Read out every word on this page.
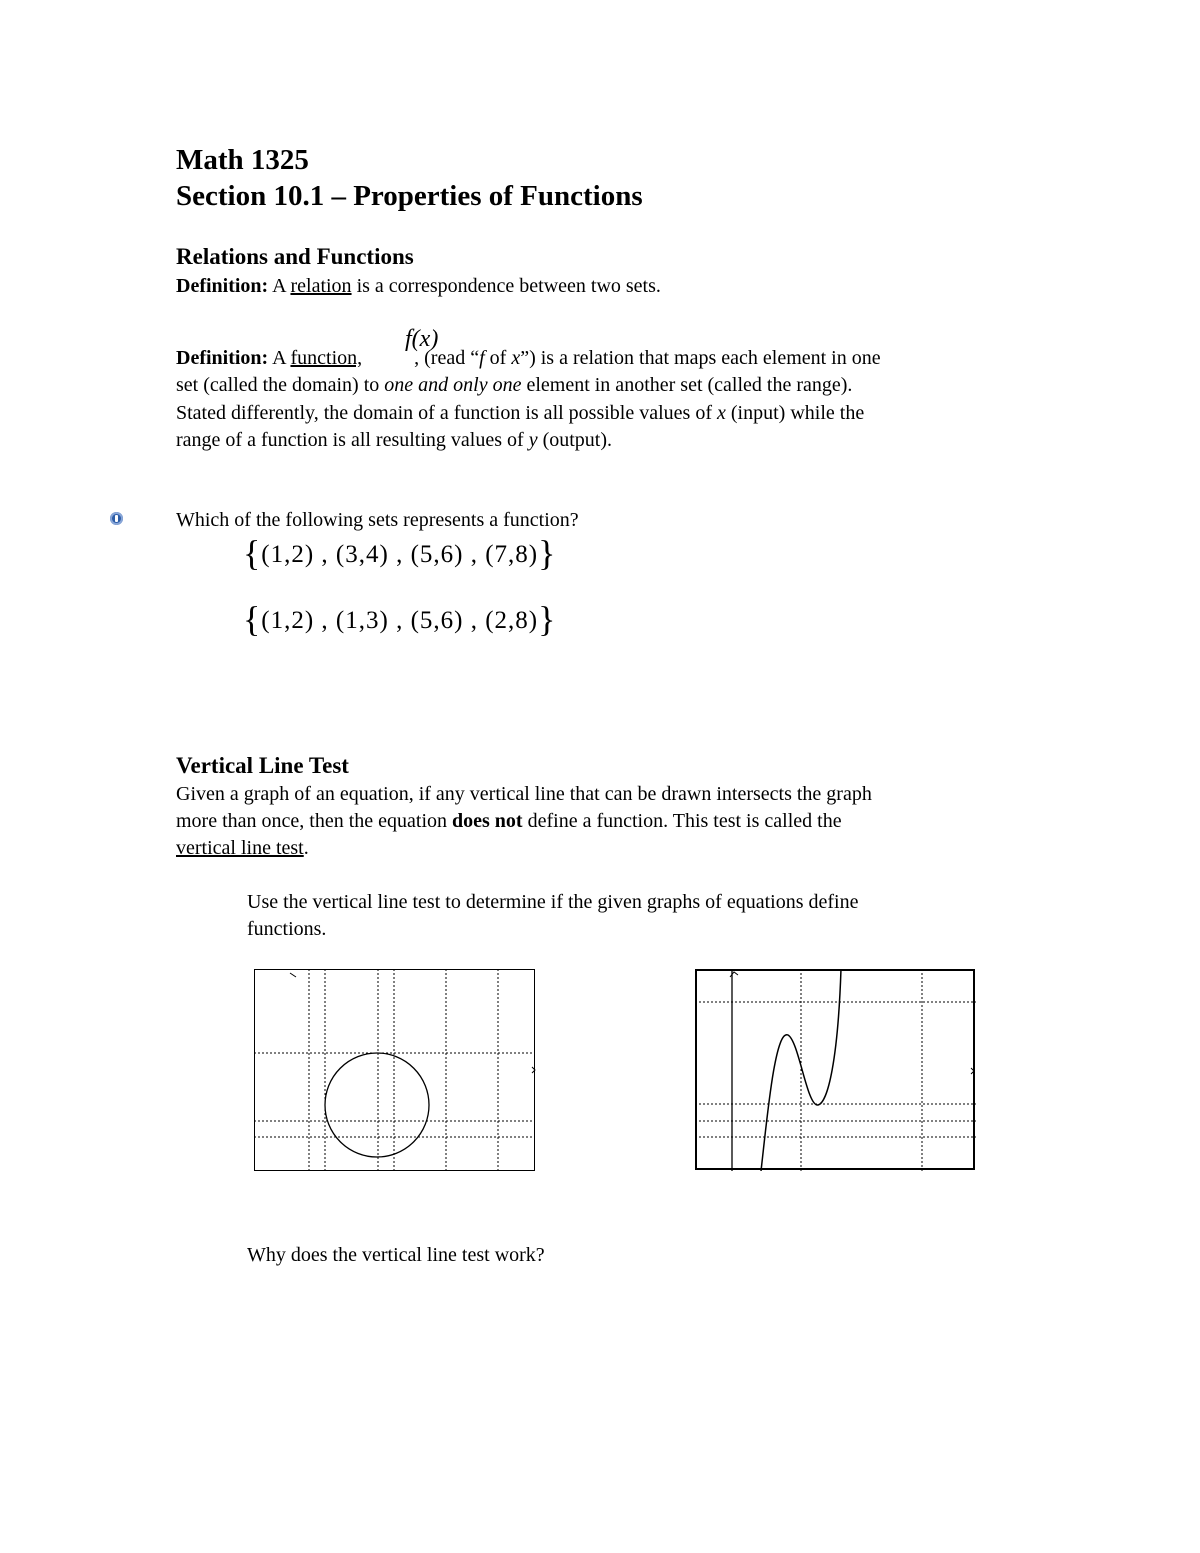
Math 1325
Section 10.1 – Properties of Functions
Relations and Functions
Definition: A relation is a correspondence between two sets.
f(x)
Definition: A function,	, (read “f of x”) is a relation that maps each element in one
set (called the domain) to one and only one element in another set (called the range).
Stated differently, the domain of a function is all possible values of x (input) while the
range of a function is all resulting values of y (output).
Which of the following sets represents a function?
{(1,2) , (3,4) , (5,6) , (7,8)}
{(1,2) , (1,3) , (5,6) , (2,8)}
Vertical Line Test
Given a graph of an equation, if any vertical line that can be drawn intersects the graph
more than once, then the equation does not define a function. This test is called the
vertical line test.
Use the vertical line test to determine if the given graphs of equations define
functions.
Why does the vertical line test work?
